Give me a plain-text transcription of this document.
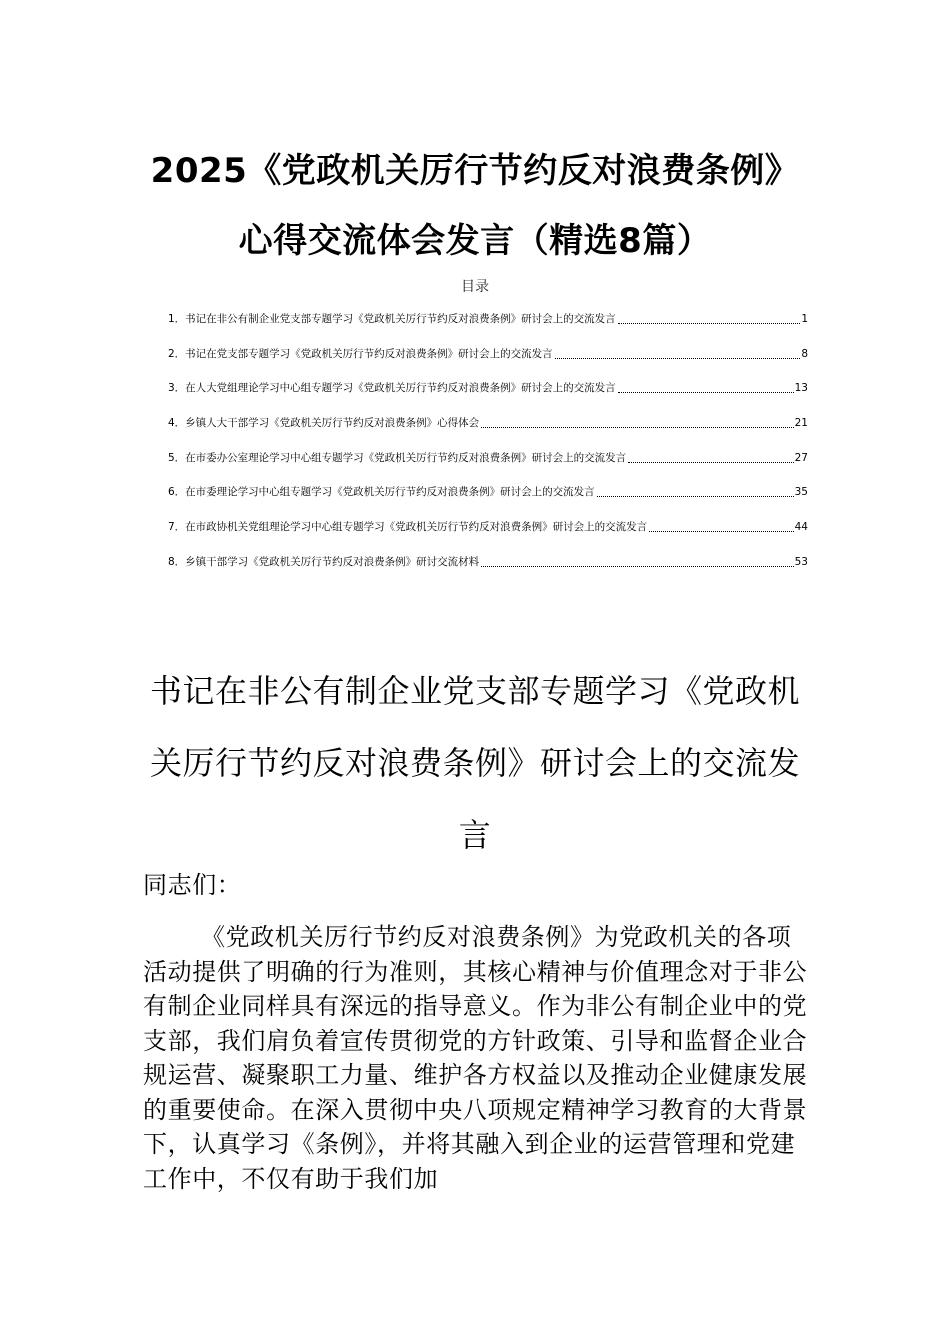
2025《党政机关厉行节约反对浪费条例》
心得交流体会发言（精选8篇）
目录
1．书记在非公有制企业党支部专题学习《党政机关厉行节约反对浪费条例》研讨会上的交流发言	1
2．书记在党支部专题学习《党政机关厉行节约反对浪费条例》研讨会上的交流发言	8
3．在人大党组理论学习中心组专题学习《党政机关厉行节约反对浪费条例》研讨会上的交流发言	13
4．乡镇人大干部学习《党政机关厉行节约反对浪费条例》心得体会	21
5．在市委办公室理论学习中心组专题学习《党政机关厉行节约反对浪费条例》研讨会上的交流发言	27
6．在市委理论学习中心组专题学习《党政机关厉行节约反对浪费条例》研讨会上的交流发言	35
7．在市政协机关党组理论学习中心组专题学习《党政机关厉行节约反对浪费条例》研讨会上的交流发言	44
8．乡镇干部学习《党政机关厉行节约反对浪费条例》研讨交流材料	53
书记在非公有制企业党支部专题学习《党政机关厉行节约反对浪费条例》研讨会上的交流发言
同志们：
《党政机关厉行节约反对浪费条例》为党政机关的各项活动提供了明确的行为准则，其核心精神与价值理念对于非公有制企业同样具有深远的指导意义。作为非公有制企业中的党支部，我们肩负着宣传贯彻党的方针政策、引导和监督企业合规运营、凝聚职工力量、维护各方权益以及推动企业健康发展的重要使命。在深入贯彻中央八项规定精神学习教育的大背景下，认真学习《条例》，并将其融入到企业的运营管理和党建工作中，不仅有助于我们加
